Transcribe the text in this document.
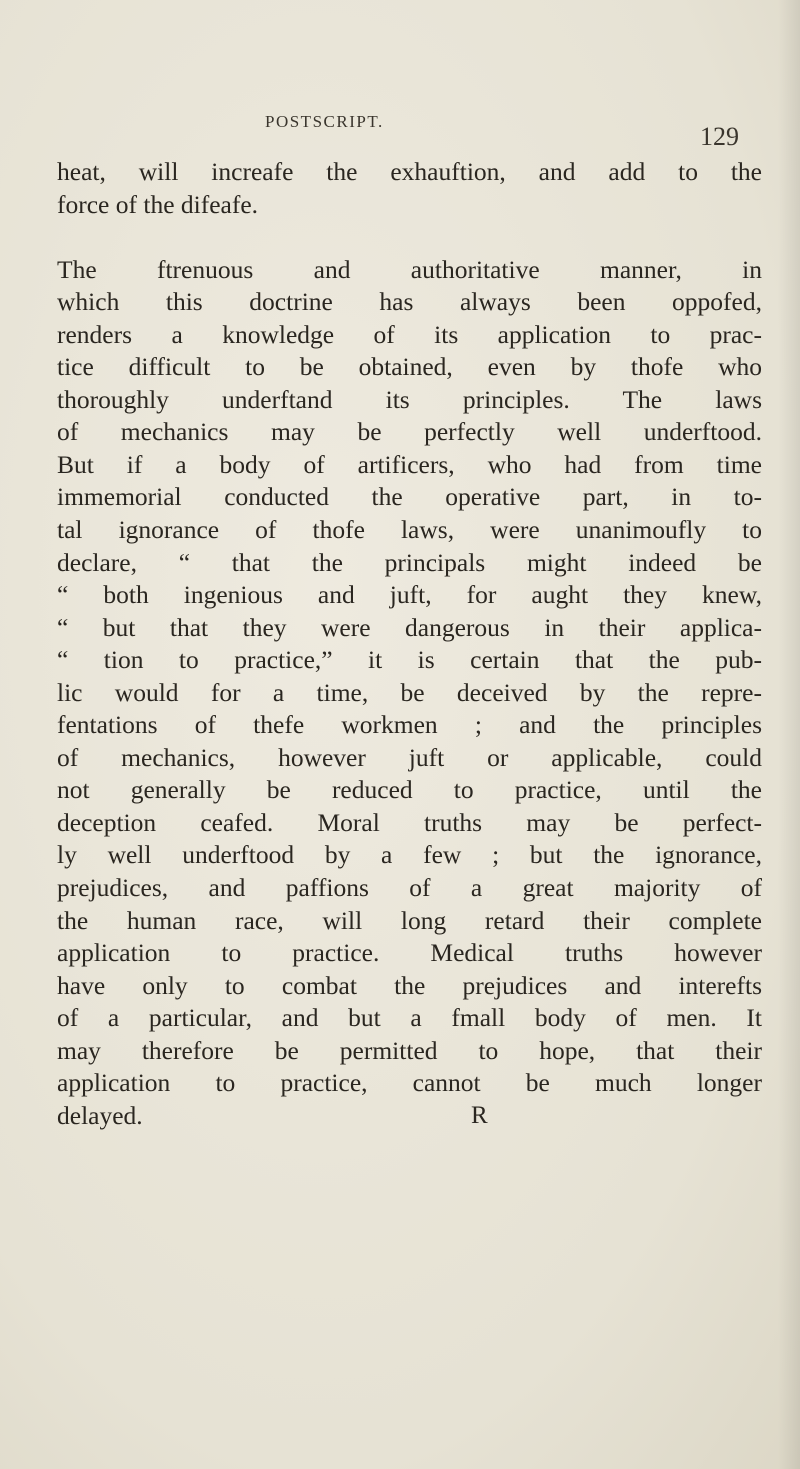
POSTSCRIPT.
129
heat, will increafe the exhauftion, and add to the
force of the difeafe.
The ftrenuous and authoritative manner, in
which this doctrine has always been oppofed,
renders a knowledge of its application to prac-
tice difficult to be obtained, even by thofe who
thoroughly underftand its principles. The laws
of mechanics may be perfectly well underftood.
But if a body of artificers, who had from time
immemorial conducted the operative part, in to-
tal ignorance of thofe laws, were unanimoufly to
declare, “ that the principals might indeed be
“ both ingenious and juft, for aught they knew,
“ but that they were dangerous in their applica-
“ tion to practice,” it is certain that the pub-
lic would for a time, be deceived by the repre-
fentations of thefe workmen ; and the principles
of mechanics, however juft or applicable, could
not generally be reduced to practice, until the
deception ceafed. Moral truths may be perfect-
ly well underftood by a few ; but the ignorance,
prejudices, and paffions of a great majority of
the human race, will long retard their complete
application to practice. Medical truths however
have only to combat the prejudices and interefts
of a particular, and but a fmall body of men. It
may therefore be permitted to hope, that their
application to practice, cannot be much longer
delayed.	R
